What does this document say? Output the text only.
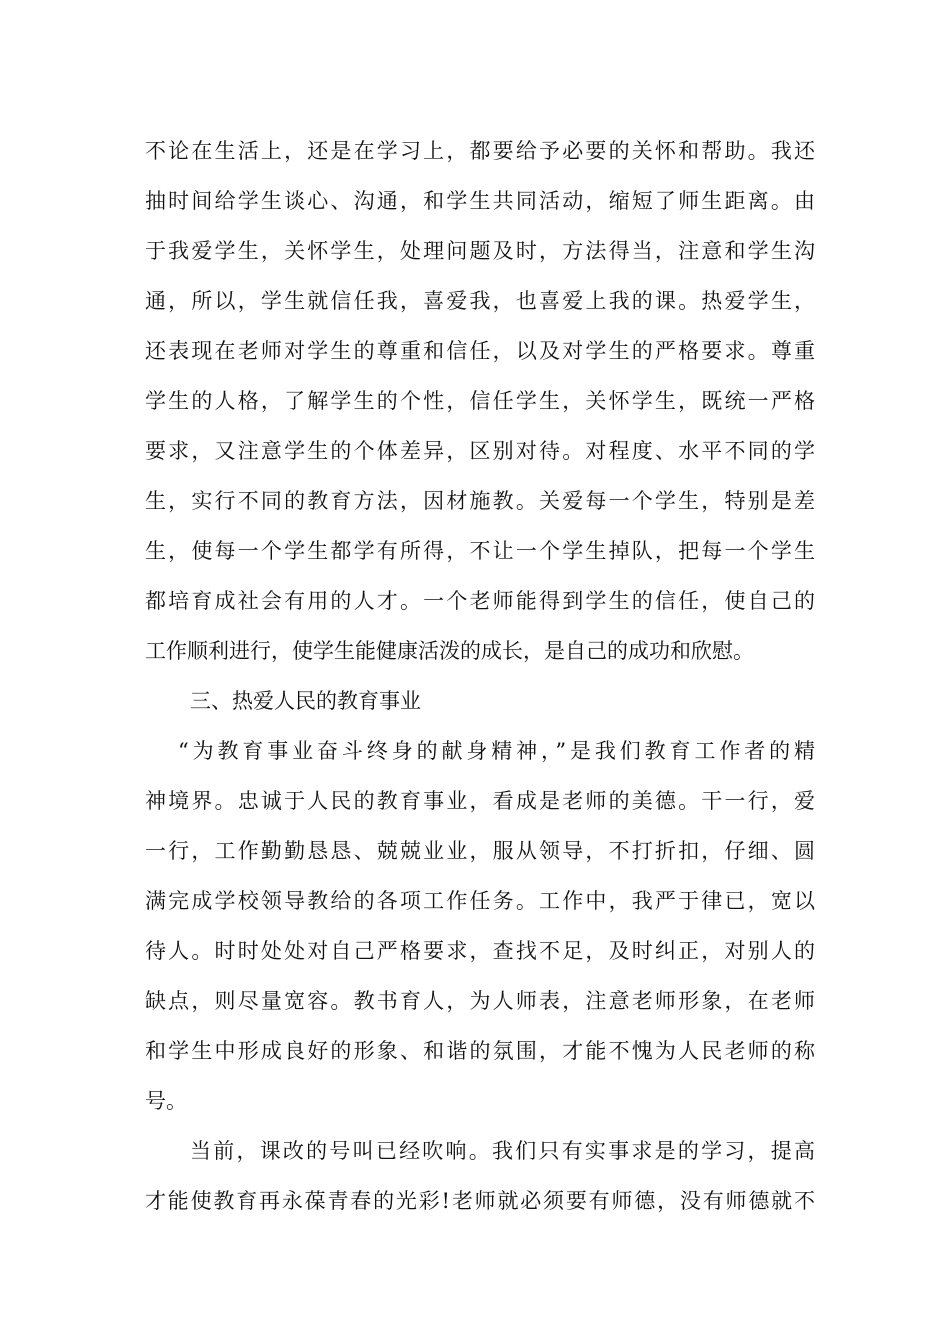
不论在生活上，还是在学习上，都要给予必要的关怀和帮助。我还
抽时间给学生谈心、沟通，和学生共同活动，缩短了师生距离。由
于我爱学生，关怀学生，处理问题及时，方法得当，注意和学生沟
通，所以，学生就信任我，喜爱我，也喜爱上我的课。热爱学生，
还表现在老师对学生的尊重和信任，以及对学生的严格要求。尊重
学生的人格，了解学生的个性，信任学生，关怀学生，既统一严格
要求，又注意学生的个体差异，区别对待。对程度、水平不同的学
生，实行不同的教育方法，因材施教。关爱每一个学生，特别是差
生，使每一个学生都学有所得，不让一个学生掉队，把每一个学生
都培育成社会有用的人才。一个老师能得到学生的信任，使自己的
工作顺利进行，使学生能健康活泼的成长，是自己的成功和欣慰。
三、热爱人民的教育事业
“为教育事业奋斗终身的献身精神，”是我们教育工作者的精
神境界。忠诚于人民的教育事业，看成是老师的美德。干一行，爱
一行，工作勤勤恳恳、兢兢业业，服从领导，不打折扣，仔细、圆
满完成学校领导教给的各项工作任务。工作中，我严于律已，宽以
待人。时时处处对自己严格要求，查找不足，及时纠正，对别人的
缺点，则尽量宽容。教书育人，为人师表，注意老师形象，在老师
和学生中形成良好的形象、和谐的氛围，才能不愧为人民老师的称
号。
当前，课改的号叫已经吹响。我们只有实事求是的学习，提高
才能使教育再永葆青春的光彩!老师就必须要有师德，没有师德就不
